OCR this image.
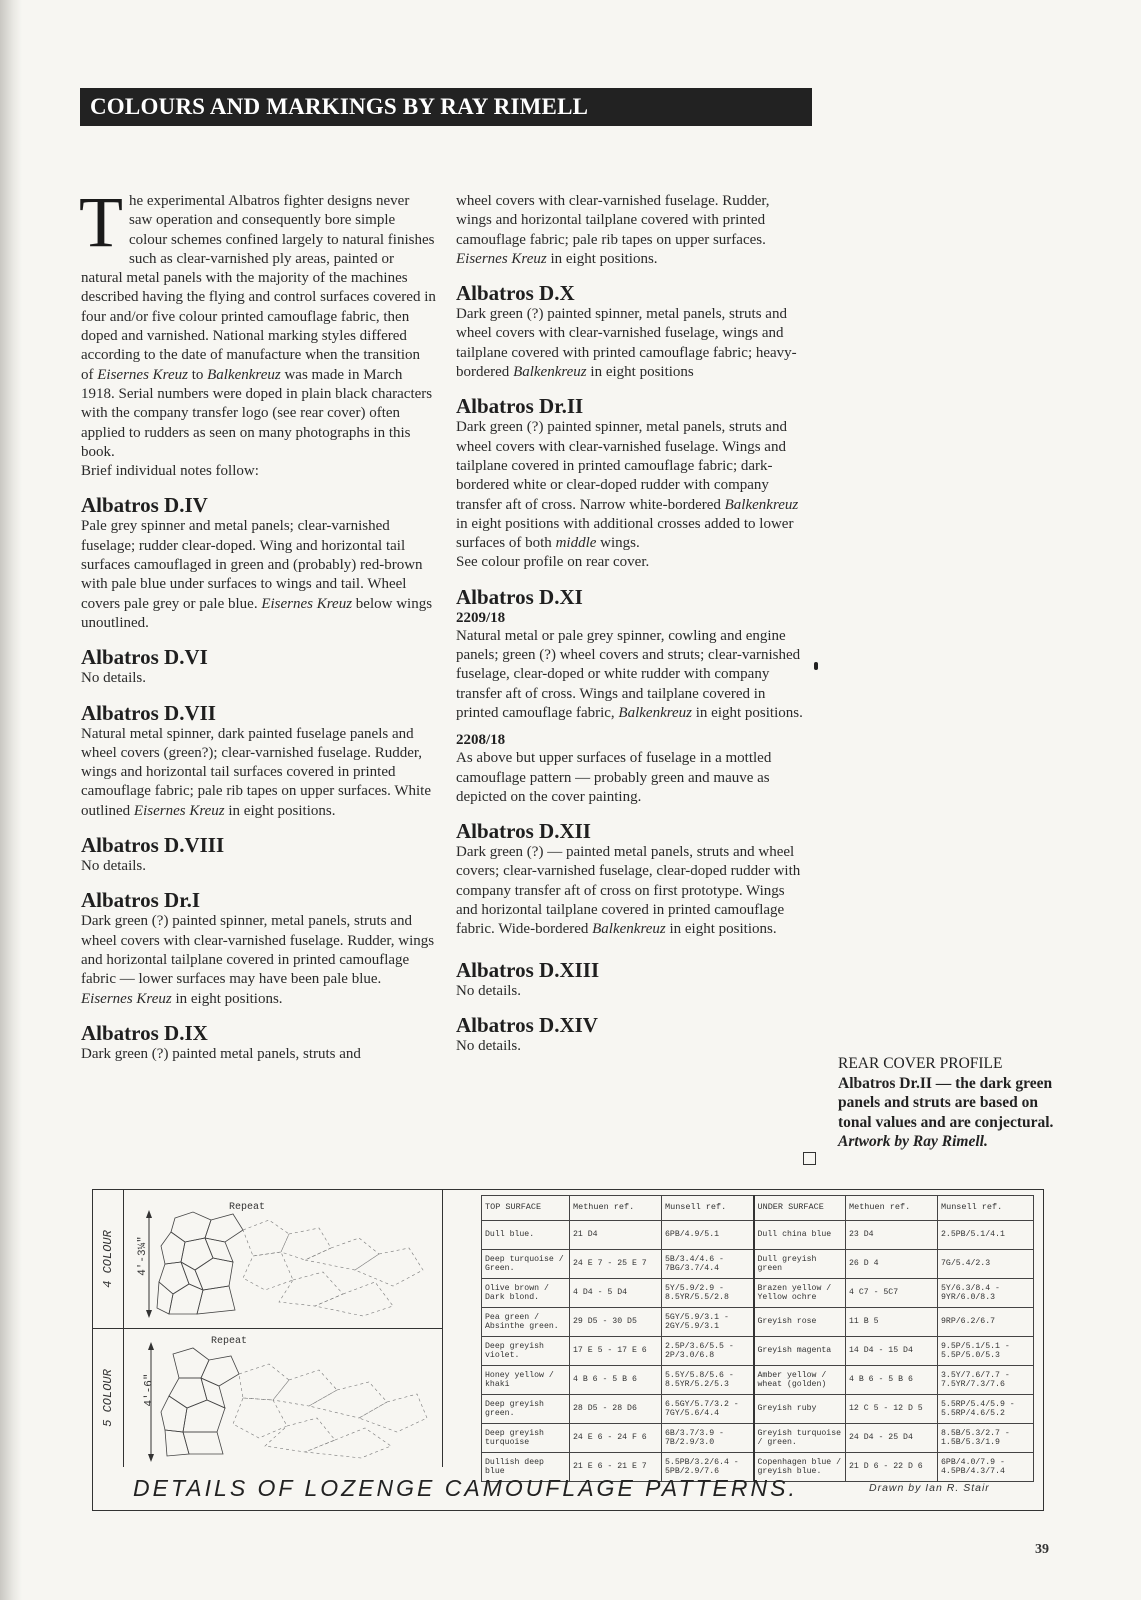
COLOURS AND MARKINGS BY RAY RIMELL

The experimental Albatros fighter designs never saw operation and consequently bore simple colour schemes confined largely to natural finishes such as clear-varnished ply areas, painted or natural metal panels with the majority of the machines described having the flying and control surfaces covered in four and/or five colour printed camouflage fabric, then doped and varnished. National marking styles differed according to the date of manufacture when the transition of Eisernes Kreuz to Balkenkreuz was made in March 1918. Serial numbers were doped in plain black characters with the company transfer logo (see rear cover) often applied to rudders as seen on many photographs in this book.

Brief individual notes follow:

Albatros D.IV

Pale grey spinner and metal panels; clear-varnished fuselage; rudder clear-doped. Wing and horizontal tail surfaces camouflaged in green and (probably) red-brown with pale blue under surfaces to wings and tail. Wheel covers pale grey or pale blue. Eisernes Kreuz below wings unoutlined.

Albatros D.VI

No details.

Albatros D.VII

Natural metal spinner, dark painted fuselage panels and wheel covers (green?); clear-varnished fuselage. Rudder, wings and horizontal tail surfaces covered in printed camouflage fabric; pale rib tapes on upper surfaces. White outlined Eisernes Kreuz in eight positions.

Albatros D.VIII

No details.

Albatros Dr.I

Dark green (?) painted spinner, metal panels, struts and wheel covers with clear-varnished fuselage. Rudder, wings and horizontal tailplane covered in printed camouflage fabric — lower surfaces may have been pale blue. Eisernes Kreuz in eight positions.

Albatros D.IX

Dark green (?) painted metal panels, struts and

wheel covers with clear-varnished fuselage. Rudder, wings and horizontal tailplane covered with printed camouflage fabric; pale rib tapes on upper surfaces. Eisernes Kreuz in eight positions.

Albatros D.X

Dark green (?) painted spinner, metal panels, struts and wheel covers with clear-varnished fuselage, wings and tailplane covered with printed camouflage fabric; heavy-bordered Balkenkreuz in eight positions

Albatros Dr.II

Dark green (?) painted spinner, metal panels, struts and wheel covers with clear-varnished fuselage. Wings and tailplane covered in printed camouflage fabric; dark-bordered white or clear-doped rudder with company transfer aft of cross. Narrow white-bordered Balkenkreuz in eight positions with additional crosses added to lower surfaces of both middle wings.

See colour profile on rear cover.

Albatros D.XI
2209/18

Natural metal or pale grey spinner, cowling and engine panels; green (?) wheel covers and struts; clear-varnished fuselage, clear-doped or white rudder with company transfer aft of cross. Wings and tailplane covered in printed camouflage fabric, Balkenkreuz in eight positions.

2208/18

As above but upper surfaces of fuselage in a mottled camouflage pattern — probably green and mauve as depicted on the cover painting.

Albatros D.XII

Dark green (?) — painted metal panels, struts and wheel covers; clear-varnished fuselage, clear-doped rudder with company transfer aft of cross on first prototype. Wings and horizontal tailplane covered in printed camouflage fabric. Wide-bordered Balkenkreuz in eight positions.

Albatros D.XIII

No details.

Albatros D.XIV

No details.

REAR COVER PROFILE
Albatros Dr.II — the dark green panels and struts are based on tonal values and are conjectural. Artwork by Ray Rimell.
4 COLOUR 4'-3¼"
Repeat
5 COLOUR	4'-6"
Repeat
TOP SURFACE	Methuen ref.	Munsell ref.	UNDER SURFACE	Methuen ref.	Munsell ref.
Dull blue.	21 D4	6PB/4.9/5.1	Dull china blue	23 D4	2.5PB/5.1/4.1
Deep turquoise / Green.	24 E 7 - 25 E 7	5B/3.4/4.6 - 7BG/3.7/4.4	Dull greyish green	26 D 4	7G/5.4/2.3
Olive brown / Dark blond.	4 D4 - 5 D4	5Y/5.9/2.9 - 8.5YR/5.5/2.8	Brazen yellow / Yellow ochre	4 C7 - 5C7	5Y/6.3/8.4 - 9YR/6.0/8.3
Pea green / Absinthe green.	29 D5 - 30 D5	5GY/5.9/3.1 - 2GY/5.9/3.1	Greyish rose	11 B 5	9RP/6.2/6.7
Deep greyish violet.	17 E 5 - 17 E 6	2.5P/3.6/5.5 - 2P/3.0/6.8	Greyish magenta	14 D4 - 15 D4	9.5P/5.1/5.1 - 5.5P/5.0/5.3
Honey yellow / khaki	4 B 6 - 5 B 6	5.5Y/5.8/5.6 - 8.5YR/5.2/5.3	Amber yellow / wheat (golden)	4 B 6 - 5 B 6	3.5Y/7.6/7.7 - 7.5YR/7.3/7.6
Deep greyish green.	28 D5 - 28 D6	6.5GY/5.7/3.2 - 7GY/5.6/4.4	Greyish ruby	12 C 5 - 12 D 5	5.5RP/5.4/5.9 - 5.5RP/4.6/5.2
Deep greyish turquoise	24 E 6 - 24 F 6	6B/3.7/3.9 - 7B/2.9/3.0	Greyish turquoise / green.	24 D4 - 25 D4	8.5B/5.3/2.7 - 1.5B/5.3/1.9
Dullish deep blue	21 E 6 - 21 E 7	5.5PB/3.2/6.4 - 5PB/2.9/7.6	Copenhagen blue / greyish blue.	21 D 6 - 22 D 6	6PB/4.0/7.9 - 4.5PB/4.3/7.4
DETAILS OF LOZENGE CAMOUFLAGE PATTERNS.	Drawn by Ian R. Stair
39
